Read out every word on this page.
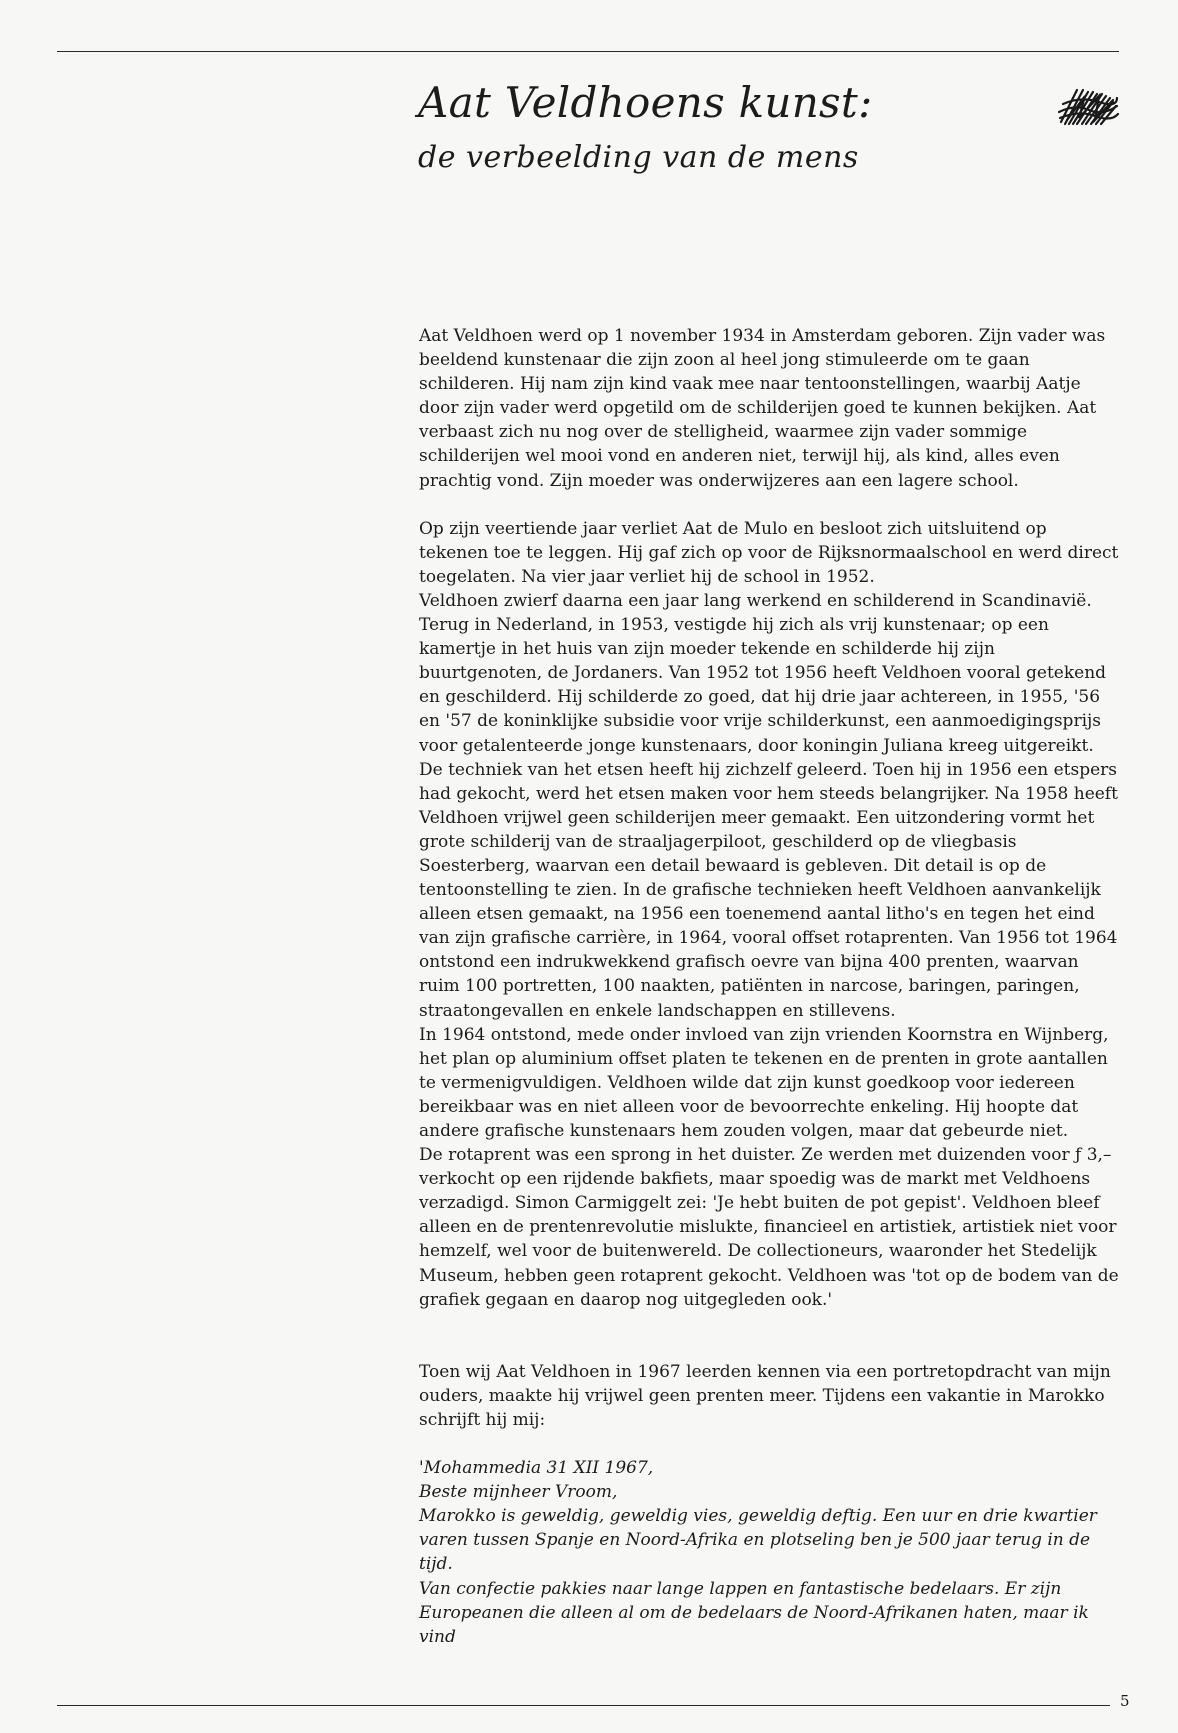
Aat Veldhoens kunst:
de verbeelding van de mens

Aat Veldhoen werd op 1 november 1934 in Amsterdam geboren. Zijn vader was beeldend kunstenaar die zijn zoon al heel jong stimuleerde om te gaan schilderen. Hij nam zijn kind vaak mee naar tentoonstellingen, waarbij Aatje door zijn vader werd opgetild om de schilderijen goed te kunnen bekijken. Aat verbaast zich nu nog over de stelligheid, waarmee zijn vader sommige schilderijen wel mooi vond en anderen niet, terwijl hij, als kind, alles even prachtig vond. Zijn moeder was onderwijzeres aan een lagere school.

Op zijn veertiende jaar verliet Aat de Mulo en besloot zich uitsluitend op tekenen toe te leggen. Hij gaf zich op voor de Rijksnormaalschool en werd direct toegelaten. Na vier jaar verliet hij de school in 1952.

Veldhoen zwierf daarna een jaar lang werkend en schilderend in Scandinavië. Terug in Nederland, in 1953, vestigde hij zich als vrij kunstenaar; op een kamertje in het huis van zijn moeder tekende en schilderde hij zijn buurtgenoten, de Jordaners. Van 1952 tot 1956 heeft Veldhoen vooral getekend en geschilderd. Hij schilderde zo goed, dat hij drie jaar achtereen, in 1955, '56 en '57 de koninklijke subsidie voor vrije schilderkunst, een aanmoedigingsprijs voor getalenteerde jonge kunstenaars, door koningin Juliana kreeg uitgereikt. De techniek van het etsen heeft hij zichzelf geleerd. Toen hij in 1956 een etspers had gekocht, werd het etsen maken voor hem steeds belangrijker. Na 1958 heeft Veldhoen vrijwel geen schilderijen meer gemaakt. Een uitzondering vormt het grote schilderij van de straaljagerpiloot, geschilderd op de vliegbasis Soesterberg, waarvan een detail bewaard is gebleven. Dit detail is op de tentoonstelling te zien. In de grafische technieken heeft Veldhoen aanvankelijk alleen etsen gemaakt, na 1956 een toenemend aantal litho's en tegen het eind van zijn grafische carrière, in 1964, vooral offset rotaprenten. Van 1956 tot 1964 ontstond een indrukwekkend grafisch oevre van bijna 400 prenten, waarvan ruim 100 portretten, 100 naakten, patiënten in narcose, baringen, paringen, straatongevallen en enkele landschappen en stillevens.

In 1964 ontstond, mede onder invloed van zijn vrienden Koornstra en Wijnberg, het plan op aluminium offset platen te tekenen en de prenten in grote aantallen te vermenigvuldigen. Veldhoen wilde dat zijn kunst goedkoop voor iedereen bereikbaar was en niet alleen voor de bevoorrechte enkeling. Hij hoopte dat andere grafische kunstenaars hem zouden volgen, maar dat gebeurde niet.

De rotaprent was een sprong in het duister. Ze werden met duizenden voor ƒ 3,– verkocht op een rijdende bakfiets, maar spoedig was de markt met Veldhoens verzadigd. Simon Carmiggelt zei: 'Je hebt buiten de pot gepist'. Veldhoen bleef alleen en de prentenrevolutie mislukte, financieel en artistiek, artistiek niet voor hemzelf, wel voor de buitenwereld. De collectioneurs, waaronder het Stedelijk Museum, hebben geen rotaprent gekocht. Veldhoen was 'tot op de bodem van de grafiek gegaan en daarop nog uitgegleden ook.'

Toen wij Aat Veldhoen in 1967 leerden kennen via een portretopdracht van mijn ouders, maakte hij vrijwel geen prenten meer. Tijdens een vakantie in Marokko schrijft hij mij:

'Mohammedia 31 XII 1967,

Beste mijnheer Vroom,

Marokko is geweldig, geweldig vies, geweldig deftig. Een uur en drie kwartier varen tussen Spanje en Noord-Afrika en plotseling ben je 500 jaar terug in de tijd.

Van confectie pakkies naar lange lappen en fantastische bedelaars. Er zijn Europeanen die alleen al om de bedelaars de Noord-Afrikanen haten, maar ik vind

5
